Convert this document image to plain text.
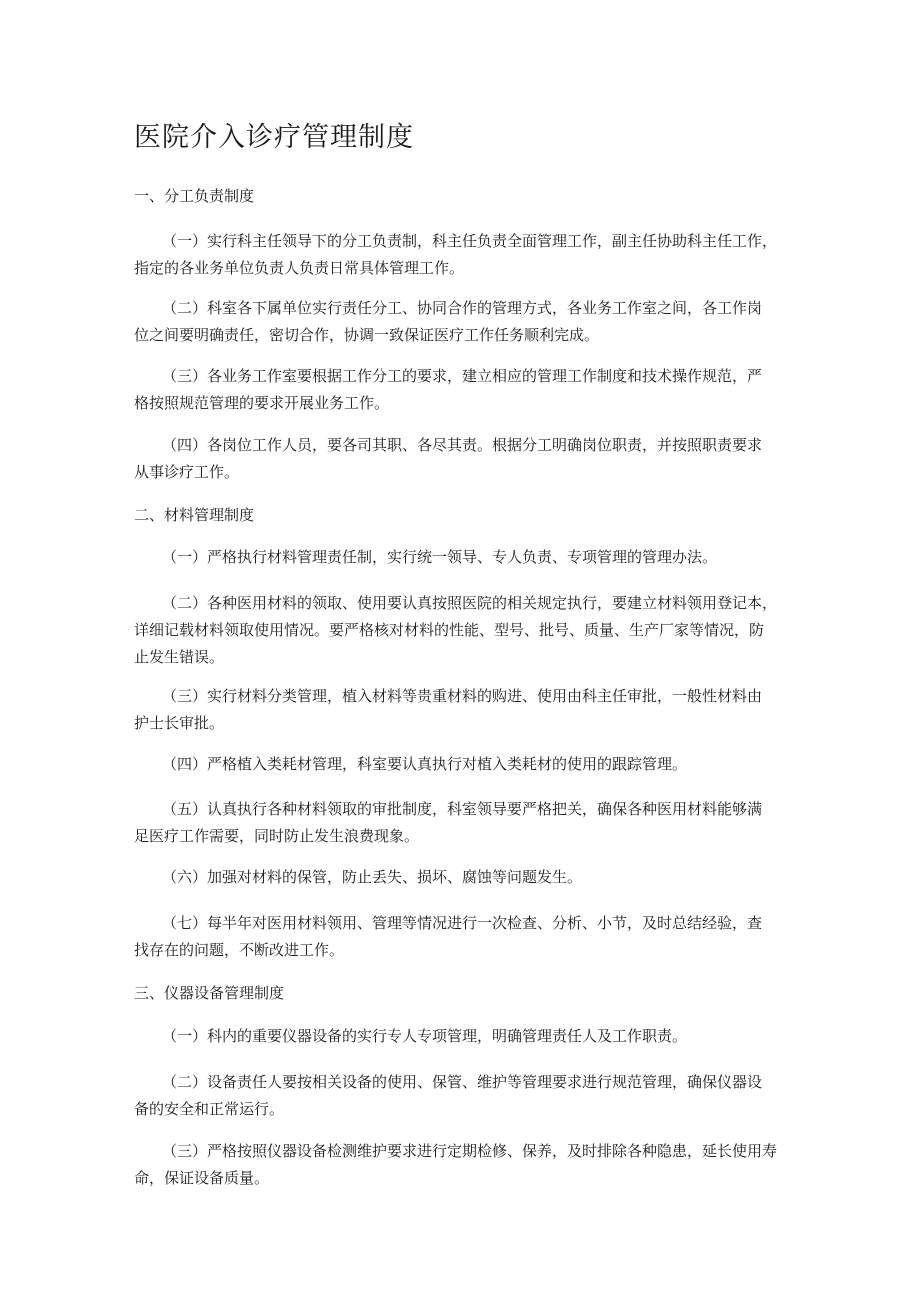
医院介入诊疗管理制度
一、分工负责制度

（一）实行科主任领导下的分工负责制，科主任负责全面管理工作，副主任协助科主任工作，
指定的各业务单位负责人负责日常具体管理工作。

（二）科室各下属单位实行责任分工、协同合作的管理方式，各业务工作室之间，各工作岗
位之间要明确责任，密切合作，协调一致保证医疗工作任务顺利完成。

（三）各业务工作室要根据工作分工的要求，建立相应的管理工作制度和技术操作规范，严
格按照规范管理的要求开展业务工作。

（四）各岗位工作人员，要各司其职、各尽其责。根据分工明确岗位职责，并按照职责要求
从事诊疗工作。

二、材料管理制度

（一）严格执行材料管理责任制，实行统一领导、专人负责、专项管理的管理办法。

（二）各种医用材料的领取、使用要认真按照医院的相关规定执行，要建立材料领用登记本，
详细记载材料领取使用情况。要严格核对材料的性能、型号、批号、质量、生产厂家等情况，防
止发生错误。

（三）实行材料分类管理，植入材料等贵重材料的购进、使用由科主任审批，一般性材料由
护士长审批。

（四）严格植入类耗材管理，科室要认真执行对植入类耗材的使用的跟踪管理。

（五）认真执行各种材料领取的审批制度，科室领导要严格把关，确保各种医用材料能够满
足医疗工作需要，同时防止发生浪费现象。

（六）加强对材料的保管，防止丢失、损坏、腐蚀等问题发生。

（七）每半年对医用材料领用、管理等情况进行一次检查、分析、小节，及时总结经验，查
找存在的问题，不断改进工作。

三、仪器设备管理制度

（一）科内的重要仪器设备的实行专人专项管理，明确管理责任人及工作职责。

（二）设备责任人要按相关设备的使用、保管、维护等管理要求进行规范管理，确保仪器设
备的安全和正常运行。

（三）严格按照仪器设备检测维护要求进行定期检修、保养，及时排除各种隐患，延长使用寿
命，保证设备质量。
